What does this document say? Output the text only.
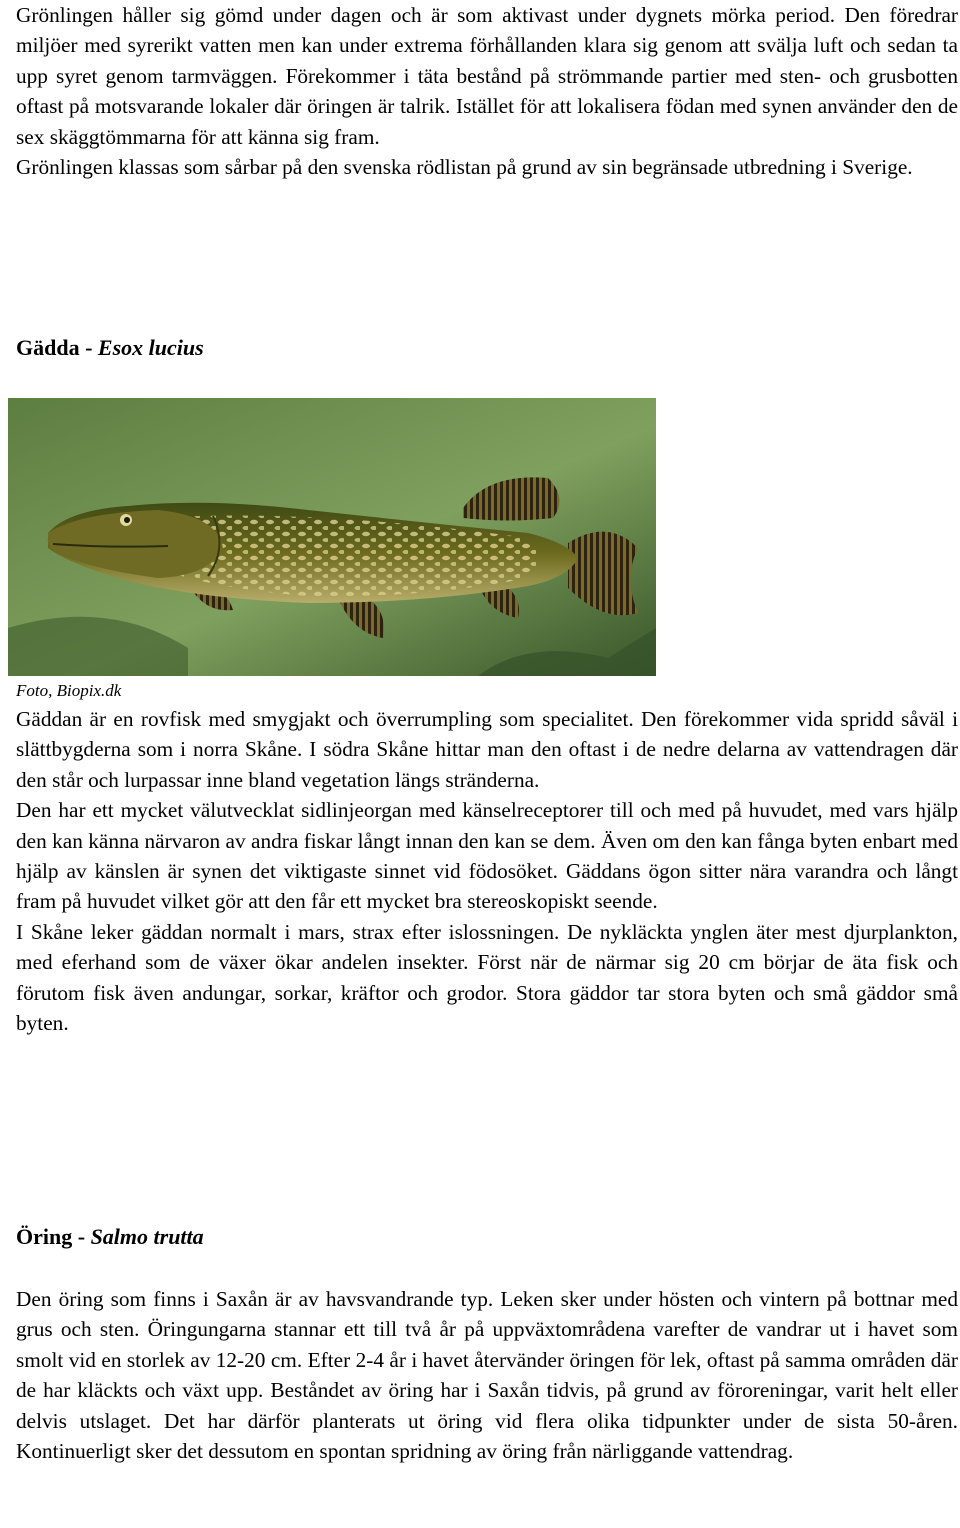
Grönlingen håller sig gömd under dagen och är som aktivast under dygnets mörka period. Den föredrar miljöer med syrerikt vatten men kan under extrema förhållanden klara sig genom att svälja luft och sedan ta upp syret genom tarmväggen. Förekommer i täta bestånd på strömmande partier med sten- och grusbotten oftast på motsvarande lokaler där öringen är talrik. Istället för att lokalisera födan med synen använder den de sex skäggtömmarna för att känna sig fram.

Grönlingen klassas som sårbar på den svenska rödlistan på grund av sin begränsade utbredning i Sverige.

Gädda - Esox lucius

Foto, Biopix.dk

Gäddan är en rovfisk med smygjakt och överrumpling som specialitet. Den förekommer vida spridd såväl i slättbygderna som i norra Skåne. I södra Skåne hittar man den oftast i de nedre delarna av vattendragen där den står och lurpassar inne bland vegetation längs stränderna.

Den har ett mycket välutvecklat sidlinjeorgan med känselreceptorer till och med på huvudet, med vars hjälp den kan känna närvaron av andra fiskar långt innan den kan se dem. Även om den kan fånga byten enbart med hjälp av känslen är synen det viktigaste sinnet vid födosöket. Gäddans ögon sitter nära varandra och långt fram på huvudet vilket gör att den får ett mycket bra stereoskopiskt seende.

I Skåne leker gäddan normalt i mars, strax efter islossningen. De nykläckta ynglen äter mest djurplankton, med eferhand som de växer ökar andelen insekter. Först när de närmar sig 20 cm börjar de äta fisk och förutom fisk även andungar, sorkar, kräftor och grodor. Stora gäddor tar stora byten och små gäddor små byten.

Öring - Salmo trutta

Den öring som finns i Saxån är av havsvandrande typ. Leken sker under hösten och vintern på bottnar med grus och sten. Öringungarna stannar ett till två år på uppväxtområdena varefter de vandrar ut i havet som smolt vid en storlek av 12-20 cm. Efter 2-4 år i havet återvänder öringen för lek, oftast på samma områden där de har kläckts och växt upp. Beståndet av öring har i Saxån tidvis, på grund av föroreningar, varit helt eller delvis utslaget. Det har därför planterats ut öring vid flera olika tidpunkter under de sista 50-åren. Kontinuerligt sker det dessutom en spontan spridning av öring från närliggande vattendrag.
